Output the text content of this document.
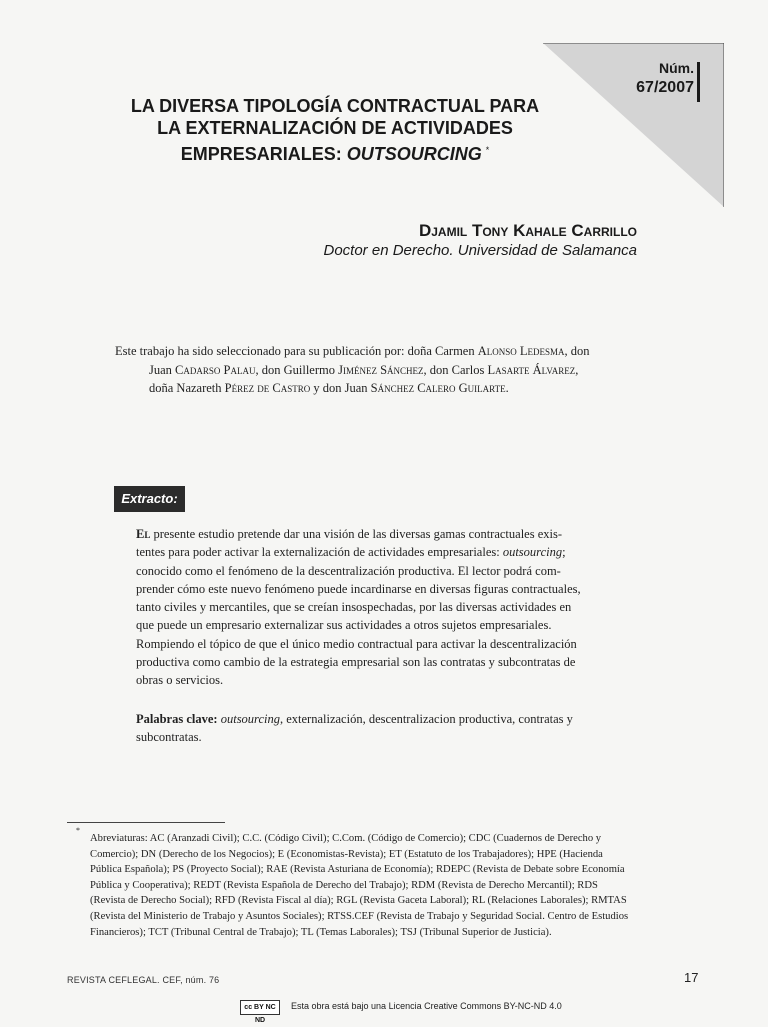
Núm.
67/2007
LA DIVERSA TIPOLOGÍA CONTRACTUAL PARA
LA EXTERNALIZACIÓN DE ACTIVIDADES
EMPRESARIALES: OUTSOURCING *
Djamil Tony Kahale Carrillo
Doctor en Derecho. Universidad de Salamanca
Este trabajo ha sido seleccionado para su publicación por: doña Carmen Alonso Ledesma, don
Juan Cadarso Palau, don Guillermo Jiménez Sánchez, don Carlos Lasarte Álvarez,
doña Nazareth Pérez de Castro y don Juan Sánchez Calero Guilarte.
Extracto:
El presente estudio pretende dar una visión de las diversas gamas contractuales exis-
tentes para poder activar la externalización de actividades empresariales: outsourcing;
conocido como el fenómeno de la descentralización productiva. El lector podrá com-
prender cómo este nuevo fenómeno puede incardinarse en diversas figuras contractuales,
tanto civiles y mercantiles, que se creían insospechadas, por las diversas actividades en
que puede un empresario externalizar sus actividades a otros sujetos empresariales.
Rompiendo el tópico de que el único medio contractual para activar la descentralización
productiva como cambio de la estrategia empresarial son las contratas y subcontratas de
obras o servicios.
Palabras clave: outsourcing, externalización, descentralizacion productiva, contratas y
subcontratas.
*
Abreviaturas: AC (Aranzadi Civil); C.C. (Código Civil); C.Com. (Código de Comercio); CDC (Cuadernos de Derecho y
Comercio); DN (Derecho de los Negocios); E (Economistas-Revista); ET (Estatuto de los Trabajadores); HPE (Hacienda
Pública Española); PS (Proyecto Social); RAE (Revista Asturiana de Economía); RDEPC (Revista de Debate sobre Economía
Pública y Cooperativa); REDT (Revista Española de Derecho del Trabajo); RDM (Revista de Derecho Mercantil); RDS
(Revista de Derecho Social); RFD (Revista Fiscal al día); RGL (Revista Gaceta Laboral); RL (Relaciones Laborales); RMTAS
(Revista del Ministerio de Trabajo y Asuntos Sociales); RTSS.CEF (Revista de Trabajo y Seguridad Social. Centro de Estudios
Financieros); TCT (Tribunal Central de Trabajo); TL (Temas Laborales); TSJ (Tribunal Superior de Justicia).
REVISTA CEFLEGAL. CEF, núm. 76	17
cc BY NC ND
Esta obra está bajo una Licencia Creative Commons BY-NC-ND 4.0
